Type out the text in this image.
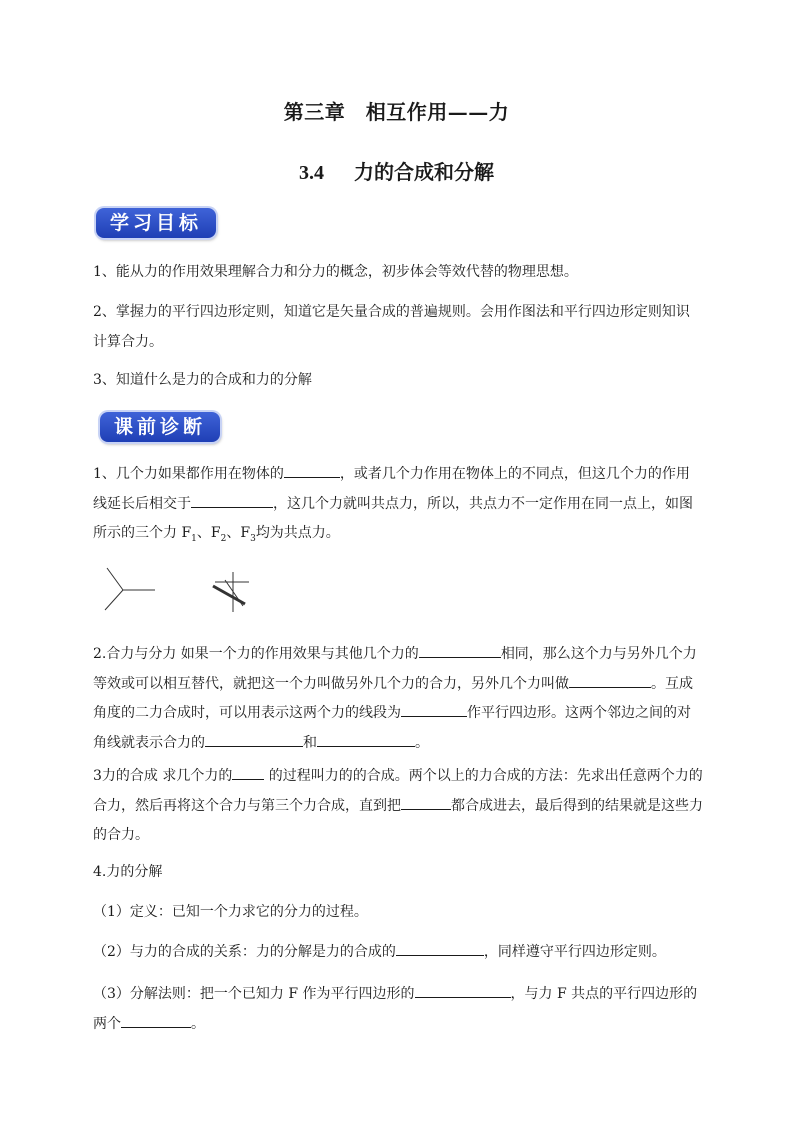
第三章　相互作用——力
3.4 力的合成和分解
学习目标

1、能从力的作用效果理解合力和分力的概念，初步体会等效代替的物理思想。

2、掌握力的平行四边形定则，知道它是矢量合成的普遍规则。会用作图法和平行四边形定则知识计算合力。

3、知道什么是力的合成和力的分解

课前诊断

1、几个力如果都作用在物体的	，或者几个力作用在物体上的不同点，但这几个力的作用线延长后相交于	，这几个力就叫共点力，所以，共点力不一定作用在同一点上，如图所示的三个力 $F_1$、$F_2$、$F_3$均为共点力。

2.合力与分力 如果一个力的作用效果与其他几个力的	相同，那么这个力与另外几个力等效或可以相互替代，就把这一个力叫做另外几个力的合力，另外几个力叫做	。互成角度的二力合成时，可以用表示这两个力的线段为	作平行四边形。这两个邻边之间的对角线就表示合力的	和	。

3力的合成 求几个力的 的过程叫力的的合成。两个以上的力合成的方法：先求出任意两个力的合力，然后再将这个合力与第三个力合成，直到把	都合成进去，最后得到的结果就是这些力的合力。

4.力的分解

（1）定义：已知一个力求它的分力的过程。

（2）与力的合成的关系：力的分解是力的合成的	，同样遵守平行四边形定则。

（3）分解法则：把一个已知力 F 作为平行四边形的	，与力 F 共点的平行四边形的两个	。
